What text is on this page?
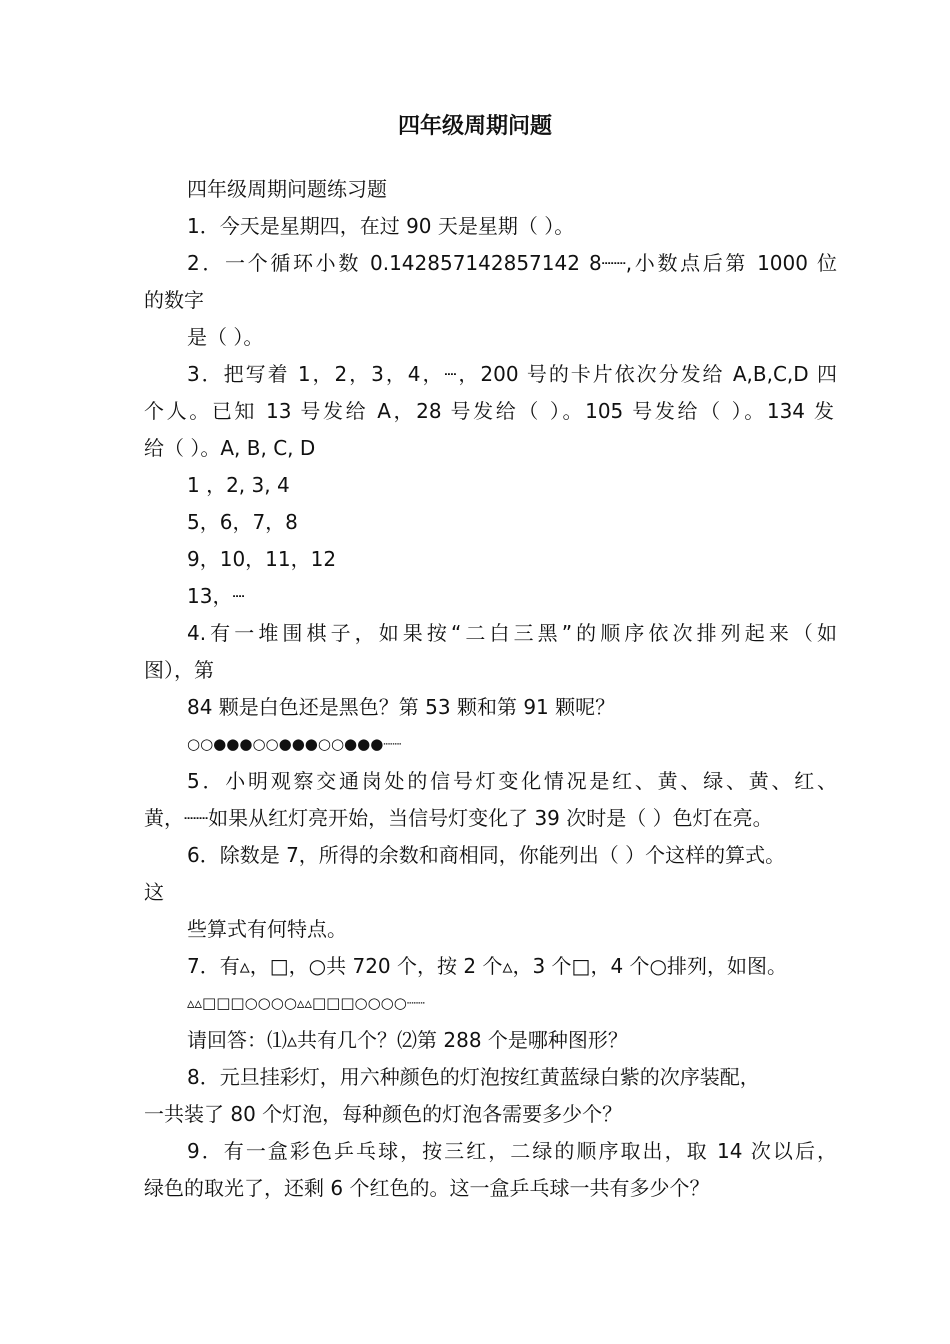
四年级周期问题
四年级周期问题练习题
1．今天是星期四，在过 90 天是星期（ ）。
2．一个循环小数 0.142857142857142 8┈┈,小数点后第 1000 位
的数字
是（ ）。
3．把写着 1，2，3，4，┈，200 号的卡片依次分发给 A,B,C,D 四
个人。已知 13 号发给 A，28 号发给（ ）。105 号发给（ ）。134 发
给（ ）。A, B, C, D
1 ，2, 3, 4
5，6，7，8
9，10，11，12
13，┈
4.有一堆围棋子，如果按“二白三黑”的顺序依次排列起来（如
图），第
84 颗是白色还是黑色？第 53 颗和第 91 颗呢？
○○●●●○○●●●○○●●●┈┈
5．小明观察交通岗处的信号灯变化情况是红、黄、绿、黄、红、
黄，┈┈如果从红灯亮开始，当信号灯变化了 39 次时是（ ）色灯在亮。
6．除数是 7，所得的余数和商相同，你能列出（ ）个这样的算式。
这
些算式有何特点。
7．有▵，□，○共 720 个，按 2 个▵，3 个□，4 个○排列，如图。
▵▵□□□○○○○▵▵□□□○○○○┈┈
请回答：⑴▵共有几个？⑵第 288 个是哪种图形？
8．元旦挂彩灯，用六种颜色的灯泡按红黄蓝绿白紫的次序装配，
一共装了 80 个灯泡，每种颜色的灯泡各需要多少个？
9．有一盒彩色乒乓球，按三红，二绿的顺序取出，取 14 次以后，
绿色的取光了，还剩 6 个红色的。这一盒乒乓球一共有多少个？
